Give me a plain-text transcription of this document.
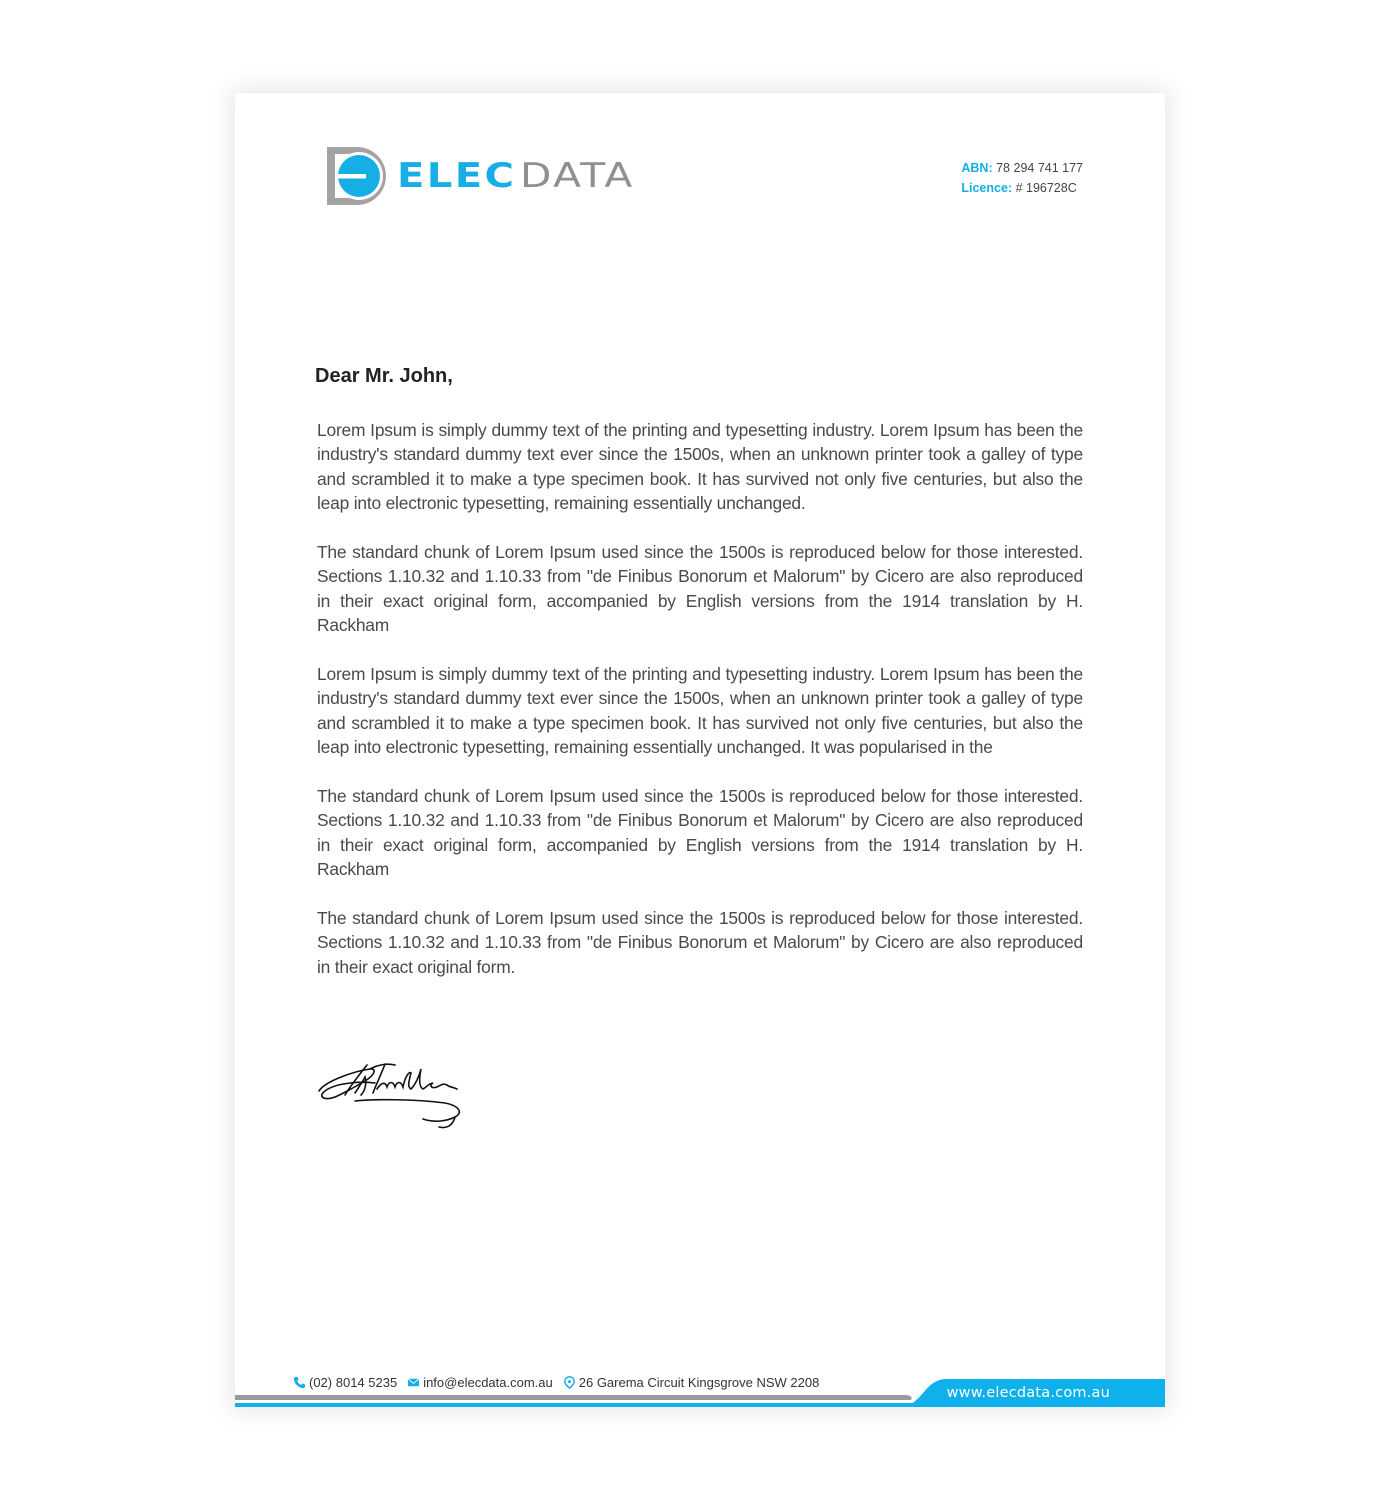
ELEC DATA	ABN: 78 294 741 177
Licence: # 196728C
Dear Mr. John,

Lorem Ipsum is simply dummy text of the printing and typesetting industry. Lorem Ipsum has been the industry's standard dummy text ever since the 1500s, when an unknown printer took a galley of type and scrambled it to make a type specimen book. It has survived not only five centuries, but also the leap into electronic typesetting, remaining essentially unchanged.

The standard chunk of Lorem Ipsum used since the 1500s is reproduced below for those interested. Sections 1.10.32 and 1.10.33 from "de Finibus Bonorum et Malorum" by Cicero are also reproduced in their exact original form, accompanied by English versions from the 1914 translation by H. Rackham

Lorem Ipsum is simply dummy text of the printing and typesetting industry. Lorem Ipsum has been the industry's standard dummy text ever since the 1500s, when an unknown printer took a galley of type and scrambled it to make a type specimen book. It has survived not only five centuries, but also the leap into electronic typesetting, remaining essentially unchanged. It was popularised in the

The standard chunk of Lorem Ipsum used since the 1500s is reproduced below for those interested. Sections 1.10.32 and 1.10.33 from "de Finibus Bonorum et Malorum" by Cicero are also reproduced in their exact original form, accompanied by English versions from the 1914 translation by H. Rackham

The standard chunk of Lorem Ipsum used since the 1500s is reproduced below for those interested. Sections 1.10.32 and 1.10.33 from "de Finibus Bonorum et Malorum" by Cicero are also reproduced in their exact original form.

(02) 8014 5235 info@elecdata.com.au 26 Garema Circuit Kingsgrove NSW 2208
www.elecdata.com.au
